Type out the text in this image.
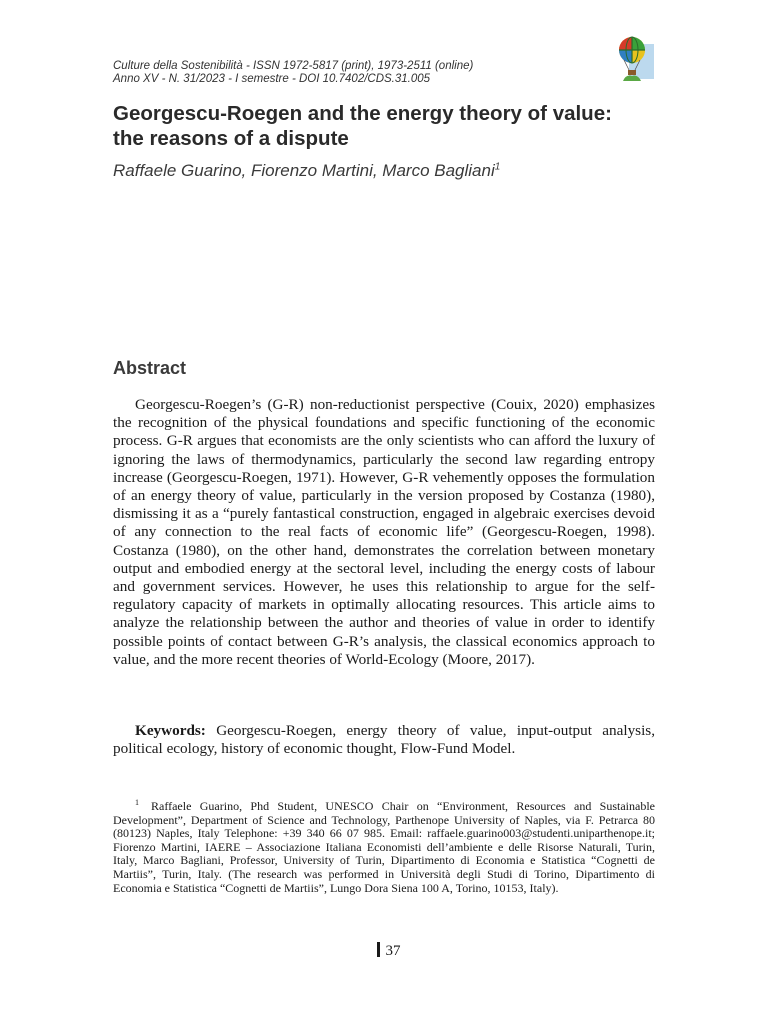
Culture della Sostenibilità - ISSN 1972-5817 (print), 1973-2511 (online)
Anno XV - N. 31/2023 - I semestre - DOI 10.7402/CDS.31.005
Georgescu-Roegen and the energy theory of value:
the reasons of a dispute
Raffaele Guarino, Fiorenzo Martini, Marco Bagliani$^1$
Abstract

Georgescu-Roegen’s (G-R) non-reductionist perspective (Couix, 2020) emphasizes the recognition of the physical foundations and specific functioning of the economic process. G-R argues that economists are the only scientists who can afford the luxury of ignoring the laws of thermodynamics, particularly the second law regarding entropy increase (Georgescu-Roegen, 1971). However, G-R vehemently opposes the formulation of an energy theory of value, particularly in the version proposed by Costanza (1980), dismissing it as a “purely fantastical construction, engaged in algebraic exercises devoid of any connection to the real facts of economic life” (Georgescu-Roegen, 1998). Costanza (1980), on the other hand, demonstrates the correlation between monetary output and embodied energy at the sectoral level, including the energy costs of labour and government services. However, he uses this relationship to argue for the self-regulatory capacity of markets in optimally allocating resources. This article aims to analyze the relationship between the author and theories of value in order to identify possible points of contact between G-R’s analysis, the classical economics approach to value, and the more recent theories of World-Ecology (Moore, 2017).

Keywords: Georgescu-Roegen, energy theory of value, input-output analysis, political ecology, history of economic thought, Flow-Fund Model.

$^1$ Raffaele Guarino, Phd Student, UNESCO Chair on “Environment, Resources and Sustainable Development”, Department of Science and Technology, Parthenope University of Naples, via F. Petrarca 80 (80123) Naples, Italy Telephone: +39 340 66 07 985. Email: raffaele.guarino003@studenti.uniparthenope.it; Fiorenzo Martini, IAERE – Associazione Italiana Economisti dell’ambiente e delle Risorse Naturali, Turin, Italy, Marco Bagliani, Professor, University of Turin, Dipartimento di Economia e Statistica “Cognetti de Martiis”, Turin, Italy. (The research was performed in Università degli Studi di Torino, Dipartimento di Economia e Statistica “Cognetti de Martiis”, Lungo Dora Siena 100 A, Torino, 10153, Italy).

37
